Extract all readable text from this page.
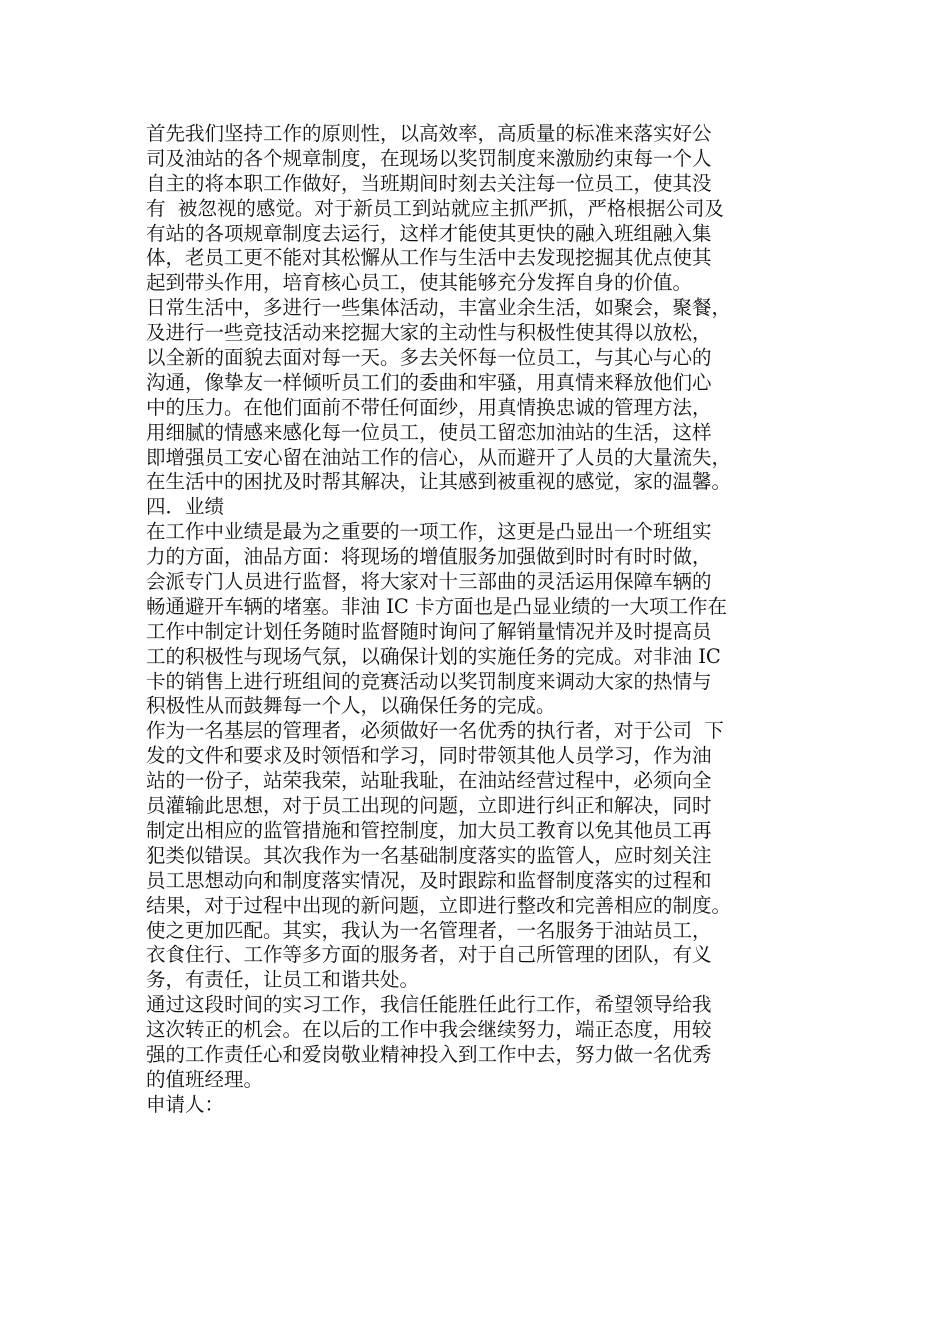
首先我们坚持工作的原则性，以高效率，高质量的标准来落实好公
司及油站的各个规章制度，在现场以奖罚制度来激励约束每一个人
自主的将本职工作做好，当班期间时刻去关注每一位员工，使其没
有  被忽视的感觉。对于新员工到站就应主抓严抓，严格根据公司及
有站的各项规章制度去运行，这样才能使其更快的融入班组融入集
体，老员工更不能对其松懈从工作与生活中去发现挖掘其优点使其
起到带头作用，培育核心员工，使其能够充分发挥自身的价值。
日常生活中，多进行一些集体活动，丰富业余生活，如聚会，聚餐，
及进行一些竞技活动来挖掘大家的主动性与积极性使其得以放松，
以全新的面貌去面对每一天。多去关怀每一位员工，与其心与心的
沟通，像挚友一样倾听员工们的委曲和牢骚，用真情来释放他们心
中的压力。在他们面前不带任何面纱，用真情换忠诚的管理方法，
用细腻的情感来感化每一位员工，使员工留恋加油站的生活，这样
即增强员工安心留在油站工作的信心，从而避开了人员的大量流失，
在生活中的困扰及时帮其解决，让其感到被重视的感觉，家的温馨。
四．业绩
在工作中业绩是最为之重要的一项工作，这更是凸显出一个班组实
力的方面，油品方面：将现场的增值服务加强做到时时有时时做，
会派专门人员进行监督，将大家对十三部曲的灵活运用保障车辆的
畅通避开车辆的堵塞。非油 IC 卡方面也是凸显业绩的一大项工作在
工作中制定计划任务随时监督随时询问了解销量情况并及时提高员
工的积极性与现场气氛，以确保计划的实施任务的完成。对非油 IC
卡的销售上进行班组间的竞赛活动以奖罚制度来调动大家的热情与
积极性从而鼓舞每一个人，以确保任务的完成。
作为一名基层的管理者，必须做好一名优秀的执行者，对于公司  下
发的文件和要求及时领悟和学习，同时带领其他人员学习，作为油
站的一份子，站荣我荣，站耻我耻，在油站经营过程中，必须向全
员灌输此思想，对于员工出现的问题，立即进行纠正和解决，同时
制定出相应的监管措施和管控制度，加大员工教育以免其他员工再
犯类似错误。其次我作为一名基础制度落实的监管人，应时刻关注
员工思想动向和制度落实情况，及时跟踪和监督制度落实的过程和
结果，对于过程中出现的新问题，立即进行整改和完善相应的制度。
使之更加匹配。其实，我认为一名管理者，一名服务于油站员工，
衣食住行、工作等多方面的服务者，对于自己所管理的团队，有义
务，有责任，让员工和谐共处。
通过这段时间的实习工作，我信任能胜任此行工作，希望领导给我
这次转正的机会。在以后的工作中我会继续努力，端正态度，用较
强的工作责任心和爱岗敬业精神投入到工作中去，努力做一名优秀
的值班经理。
申请人：
